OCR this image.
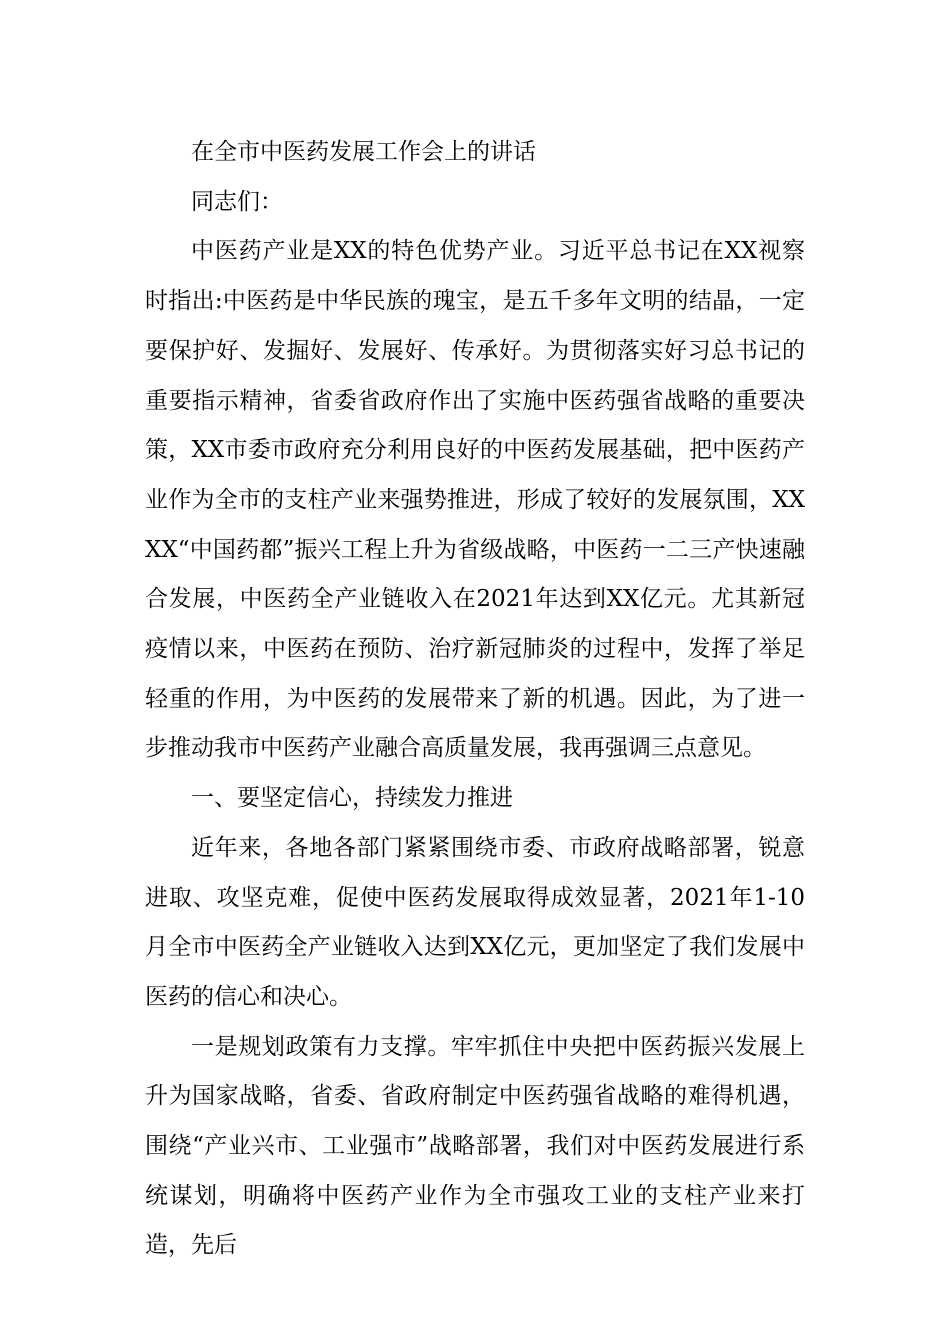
在全市中医药发展工作会上的讲话

同志们：

中医药产业是XX的特色优势产业。习近平总书记在XX视察时指出:中医药是中华民族的瑰宝，是五千多年文明的结晶，一定要保护好、发掘好、发展好、传承好。为贯彻落实好习总书记的重要指示精神，省委省政府作出了实施中医药强省战略的重要决策，XX市委市政府充分利用良好的中医药发展基础，把中医药产业作为全市的支柱产业来强势推进，形成了较好的发展氛围，XXXX“中国药都”振兴工程上升为省级战略，中医药一二三产快速融合发展，中医药全产业链收入在2021年达到XX亿元。尤其新冠疫情以来，中医药在预防、治疗新冠肺炎的过程中，发挥了举足轻重的作用，为中医药的发展带来了新的机遇。因此，为了进一步推动我市中医药产业融合高质量发展，我再强调三点意见。

一、要坚定信心，持续发力推进

近年来，各地各部门紧紧围绕市委、市政府战略部署，锐意进取、攻坚克难，促使中医药发展取得成效显著，2021年1-10月全市中医药全产业链收入达到XX亿元，更加坚定了我们发展中医药的信心和决心。

一是规划政策有力支撑。牢牢抓住中央把中医药振兴发展上升为国家战略，省委、省政府制定中医药强省战略的难得机遇，围绕“产业兴市、工业强市”战略部署，我们对中医药发展进行系统谋划，明确将中医药产业作为全市强攻工业的支柱产业来打造，先后
